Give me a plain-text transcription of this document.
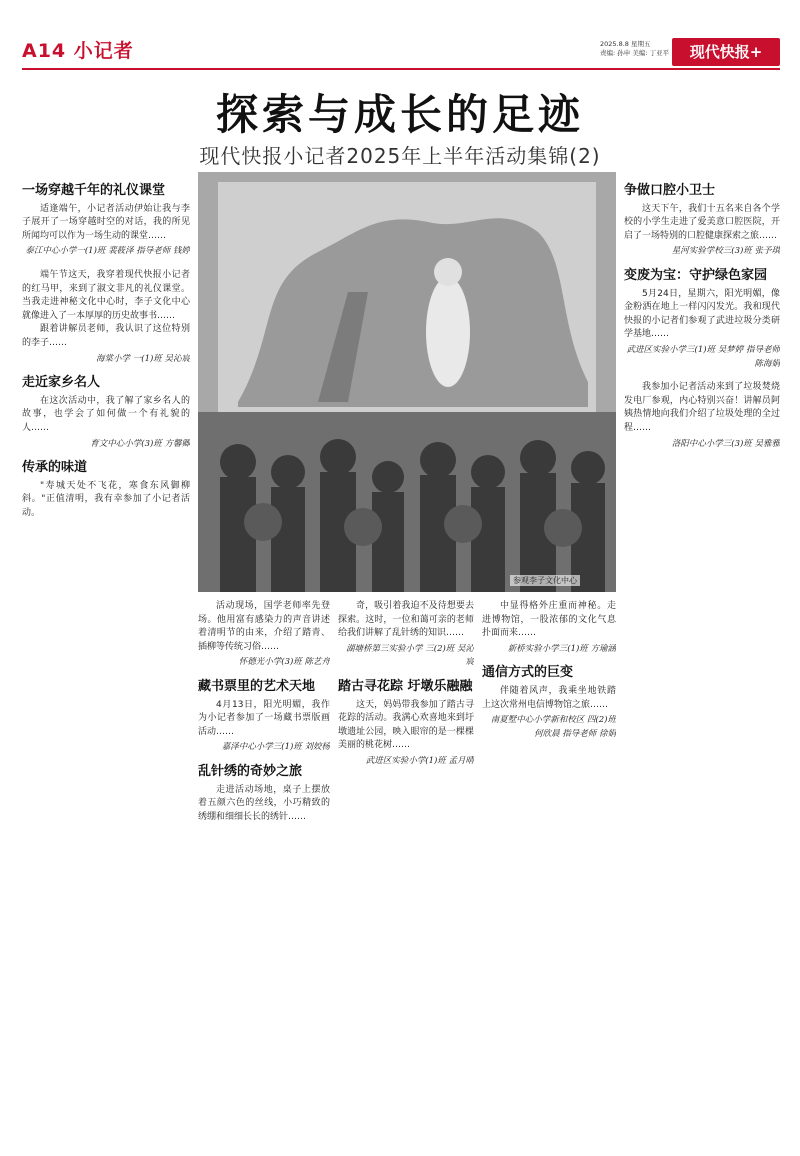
A14 小记者	2025.8.8 星期五
责编: 孙申 美编: 丁亚平	现代快报+
探索与成长的足迹
现代快报小记者2025年上半年活动集锦(2)
参观李子文化中心
一场穿越千年的礼仪课堂

适逢端午，小记者活动伊始让我与李子展开了一场穿越时空的对话，我的所见所闻均可以作为一场生动的课堂……

泰江中心小学一(1)班 裴筱泽 指导老师 钱婷

端午节这天，我穿着现代快报小记者的红马甲，来到了淑文非凡的礼仪课堂。当我走进神秘文化中心时，李子文化中心就像进入了一本厚厚的历史故事书……

跟着讲解员老师，我认识了这位特别的李子……

海棠小学 一(1)班 吴沁宸
走近家乡名人

在这次活动中，我了解了家乡名人的故事，也学会了如何做一个有礼貌的人……

育文中心小学(3)班 方馨卿
传承的味道

"寿城天处不飞花，寒食东风御柳斜。"正值清明，我有幸参加了小记者活动。

活动现场，国学老师率先登场。他用富有感染力的声音讲述着清明节的由来，介绍了踏青、插柳等传统习俗……

怀德光小学(3)班 陈艺舟
藏书票里的艺术天地

4月13日，阳光明媚，我作为小记者参加了一场藏书票版画活动……

嘉泽中心小学三(1)班 刘姣杨
乱针绣的奇妙之旅

走进活动场地，桌子上摆放着五颜六色的丝线，小巧精致的绣绷和细细长长的绣针……

奇，吸引着我迫不及待想要去探索。这时，一位和蔼可亲的老师给我们讲解了乱针绣的知识……

湖塘桥第三实验小学 三(2)班 吴沁宸
踏古寻花踪 圩墩乐融融

这天，妈妈带我参加了踏古寻花踪的活动。我满心欢喜地来到圩墩遗址公园，映入眼帘的是一棵棵美丽的桃花树……

武进区实验小学(1)班 孟月晴

中显得格外庄重而神秘。走进博物馆，一股浓郁的文化气息扑面而来……

新桥实验小学三(1)班 方瑜涵
通信方式的巨变

伴随着风声，我乘坐地铁踏上这次常州电信博物馆之旅……

南夏墅中心小学新和校区 四(2)班 何欣晨 指导老师 徐娟
争做口腔小卫士

这天下午，我们十五名来自各个学校的小学生走进了爱美意口腔医院，开启了一场特别的口腔健康探索之旅……

星河实验学校三(3)班 张予琪
变废为宝：守护绿色家园

5月24日，星期六，阳光明媚，像金粉洒在地上一样闪闪发光。我和现代快报的小记者们参观了武进垃圾分类研学基地……

武进区实验小学三(1)班 吴梦婷 指导老师 陈海娟

我参加小记者活动来到了垃圾焚烧发电厂参观，内心特别兴奋！讲解员阿姨热情地向我们介绍了垃圾处理的全过程……

洛阳中心小学三(3)班 吴雅雅
